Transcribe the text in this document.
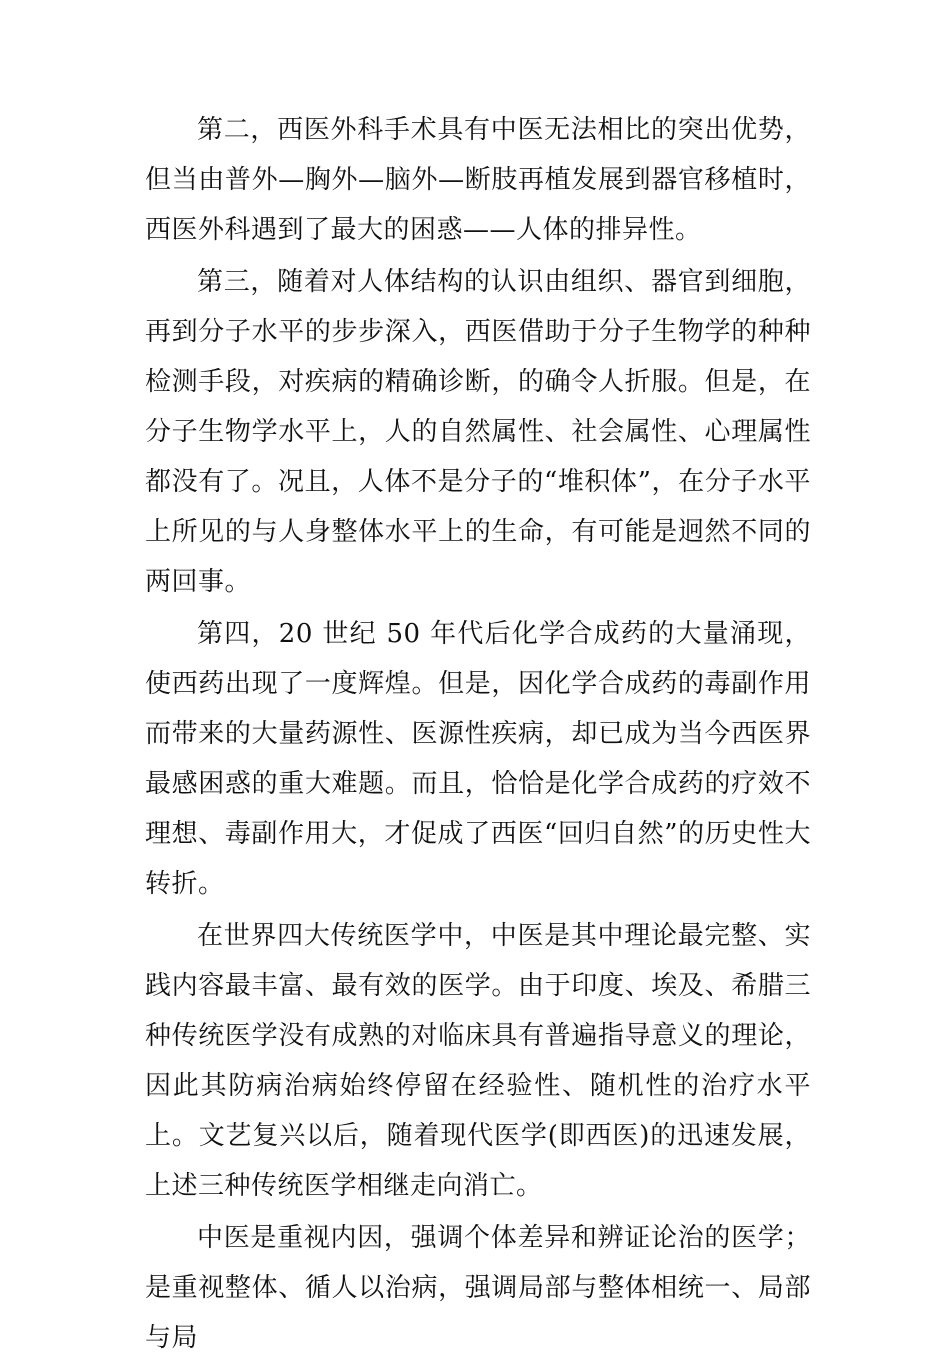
第二，西医外科手术具有中医无法相比的突出优势，但当由普外—胸外—脑外—断肢再植发展到器官移植时，西医外科遇到了最大的困惑——人体的排异性。

第三，随着对人体结构的认识由组织、器官到细胞，再到分子水平的步步深入，西医借助于分子生物学的种种检测手段，对疾病的精确诊断，的确令人折服。但是，在分子生物学水平上，人的自然属性、社会属性、心理属性都没有了。况且，人体不是分子的“堆积体”，在分子水平上所见的与人身整体水平上的生命，有可能是迥然不同的两回事。

第四，20 世纪 50 年代后化学合成药的大量涌现，使西药出现了一度辉煌。但是，因化学合成药的毒副作用而带来的大量药源性、医源性疾病，却已成为当今西医界最感困惑的重大难题。而且，恰恰是化学合成药的疗效不理想、毒副作用大，才促成了西医“回归自然”的历史性大转折。

在世界四大传统医学中，中医是其中理论最完整、实践内容最丰富、最有效的医学。由于印度、埃及、希腊三种传统医学没有成熟的对临床具有普遍指导意义的理论，因此其防病治病始终停留在经验性、随机性的治疗水平上。文艺复兴以后，随着现代医学(即西医)的迅速发展，上述三种传统医学相继走向消亡。

中医是重视内因，强调个体差异和辨证论治的医学；是重视整体、循人以治病，强调局部与整体相统一、局部与局
